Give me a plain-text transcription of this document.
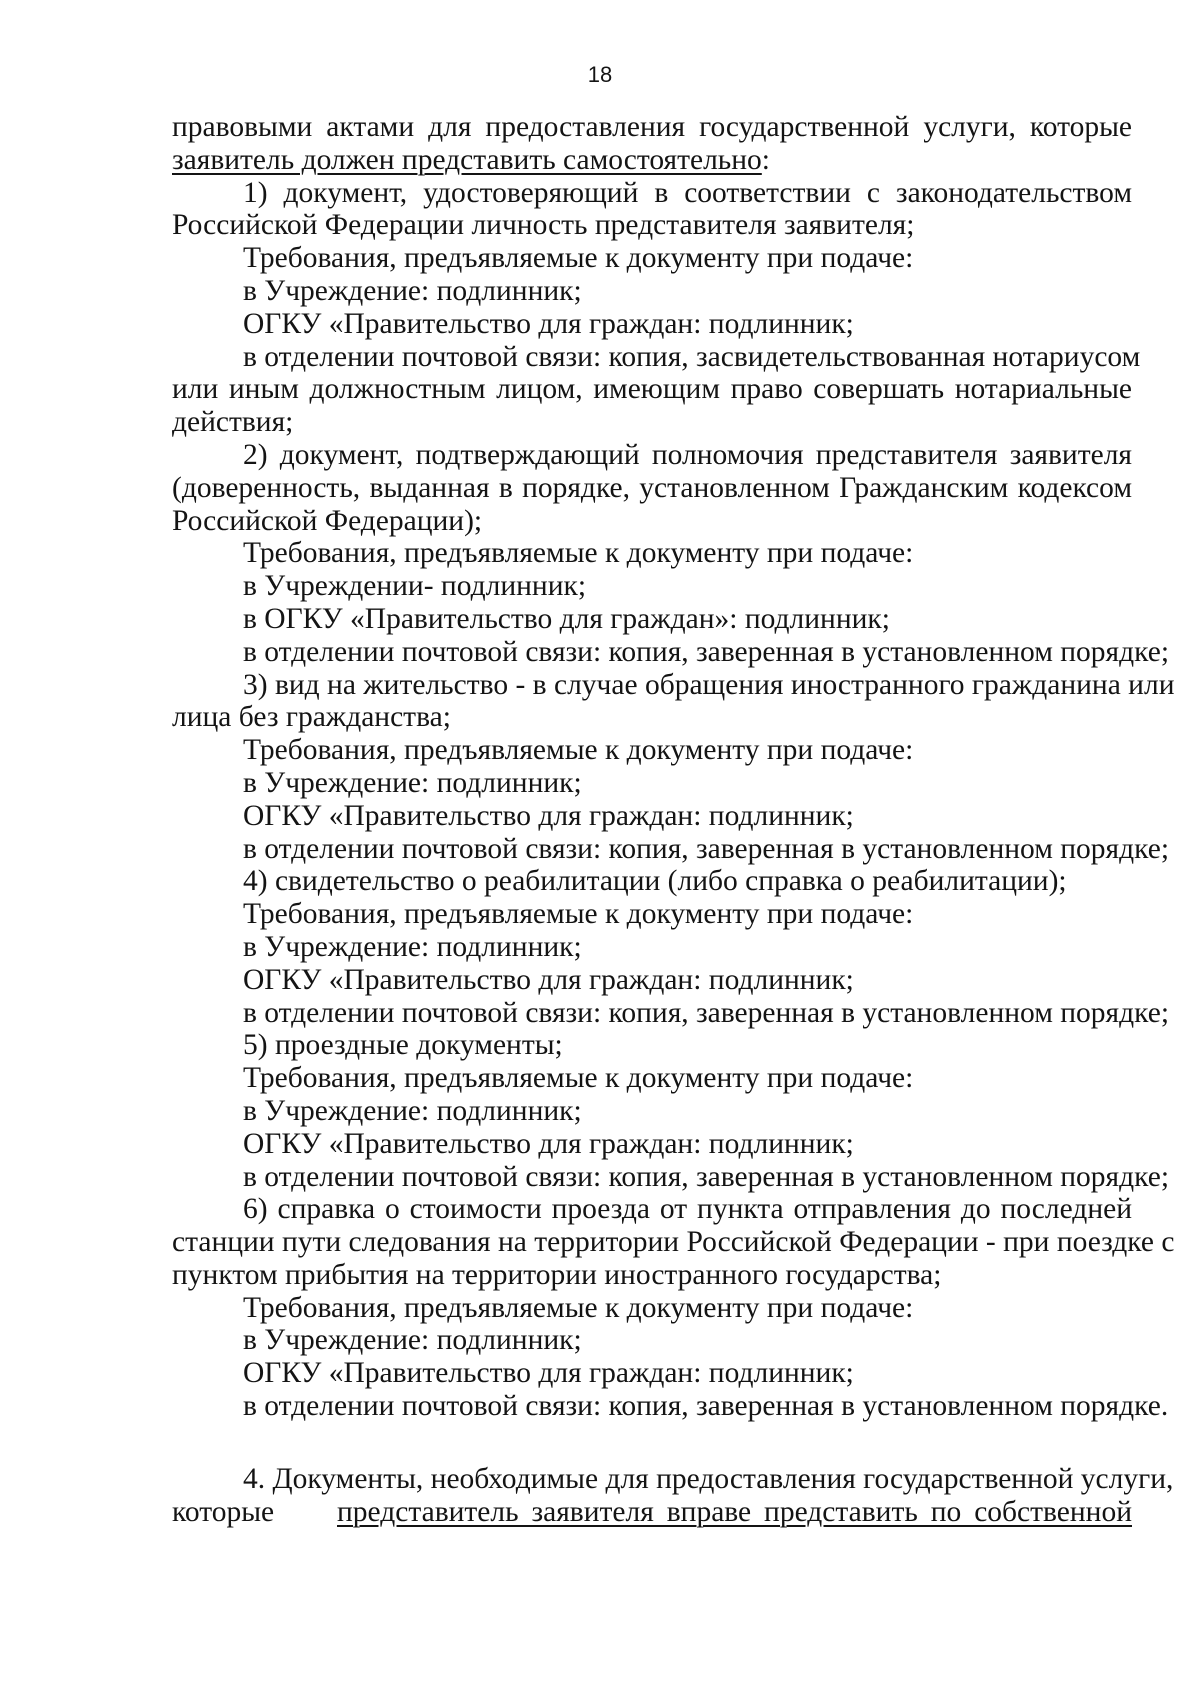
18
правовыми актами для предоставления государственной услуги, которые
заявитель должен представить самостоятельно:
1) документ, удостоверяющий в соответствии с законодательством
Российской Федерации личность представителя заявителя;
Требования, предъявляемые к документу при подаче:
в Учреждение: подлинник;
ОГКУ «Правительство для граждан: подлинник;
в отделении почтовой связи: копия, засвидетельствованная нотариусом
или иным должностным лицом, имеющим право совершать нотариальные
действия;
2) документ, подтверждающий полномочия представителя заявителя
(доверенность, выданная в порядке, установленном Гражданским кодексом
Российской Федерации);
Требования, предъявляемые к документу при подаче:
в Учреждении- подлинник;
в ОГКУ «Правительство для граждан»: подлинник;
в отделении почтовой связи: копия, заверенная в установленном порядке;
3) вид на жительство - в случае обращения иностранного гражданина или
лица без гражданства;
Требования, предъявляемые к документу при подаче:
в Учреждение: подлинник;
ОГКУ «Правительство для граждан: подлинник;
в отделении почтовой связи: копия, заверенная в установленном порядке;
4) свидетельство о реабилитации (либо справка о реабилитации);
Требования, предъявляемые к документу при подаче:
в Учреждение: подлинник;
ОГКУ «Правительство для граждан: подлинник;
в отделении почтовой связи: копия, заверенная в установленном порядке;
5) проездные документы;
Требования, предъявляемые к документу при подаче:
в Учреждение: подлинник;
ОГКУ «Правительство для граждан: подлинник;
в отделении почтовой связи: копия, заверенная в установленном порядке;
6) справка о стоимости проезда от пункта отправления до последней
станции пути следования на территории Российской Федерации - при поездке с
пунктом прибытия на территории иностранного государства;
Требования, предъявляемые к документу при подаче:
в Учреждение: подлинник;
ОГКУ «Правительство для граждан: подлинник;
в отделении почтовой связи: копия, заверенная в установленном порядке.
4. Документы, необходимые для предоставления государственной услуги,
которые представитель заявителя вправе представить по собственной
